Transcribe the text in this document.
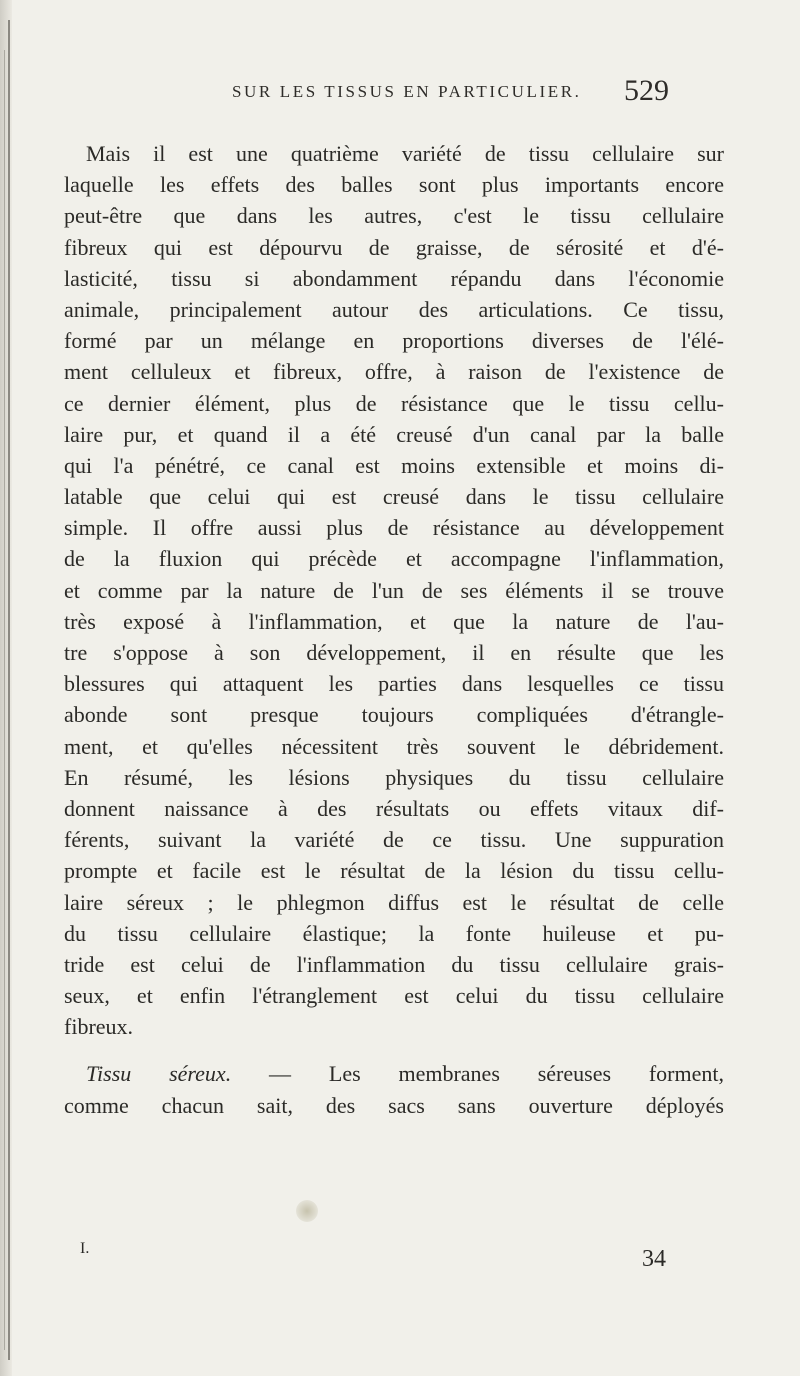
SUR LES TISSUS EN PARTICULIER. 529
Mais il est une quatrième variété de tissu cellulaire sur
laquelle les effets des balles sont plus importants encore
peut-être que dans les autres, c'est le tissu cellulaire
fibreux qui est dépourvu de graisse, de sérosité et d'é-
lasticité, tissu si abondamment répandu dans l'économie
animale, principalement autour des articulations. Ce tissu,
formé par un mélange en proportions diverses de l'élé-
ment celluleux et fibreux, offre, à raison de l'existence de
ce dernier élément, plus de résistance que le tissu cellu-
laire pur, et quand il a été creusé d'un canal par la balle
qui l'a pénétré, ce canal est moins extensible et moins di-
latable que celui qui est creusé dans le tissu cellulaire
simple. Il offre aussi plus de résistance au développement
de la fluxion qui précède et accompagne l'inflammation,
et comme par la nature de l'un de ses éléments il se trouve
très exposé à l'inflammation, et que la nature de l'au-
tre s'oppose à son développement, il en résulte que les
blessures qui attaquent les parties dans lesquelles ce tissu
abonde sont presque toujours compliquées d'étrangle-
ment, et qu'elles nécessitent très souvent le débridement.
En résumé, les lésions physiques du tissu cellulaire
donnent naissance à des résultats ou effets vitaux dif-
férents, suivant la variété de ce tissu. Une suppuration
prompte et facile est le résultat de la lésion du tissu cellu-
laire séreux ; le phlegmon diffus est le résultat de celle
du tissu cellulaire élastique; la fonte huileuse et pu-
tride est celui de l'inflammation du tissu cellulaire grais-
seux, et enfin l'étranglement est celui du tissu cellulaire
fibreux.
Tissu séreux. — Les membranes séreuses forment,
comme chacun sait, des sacs sans ouverture déployés
I.	34
